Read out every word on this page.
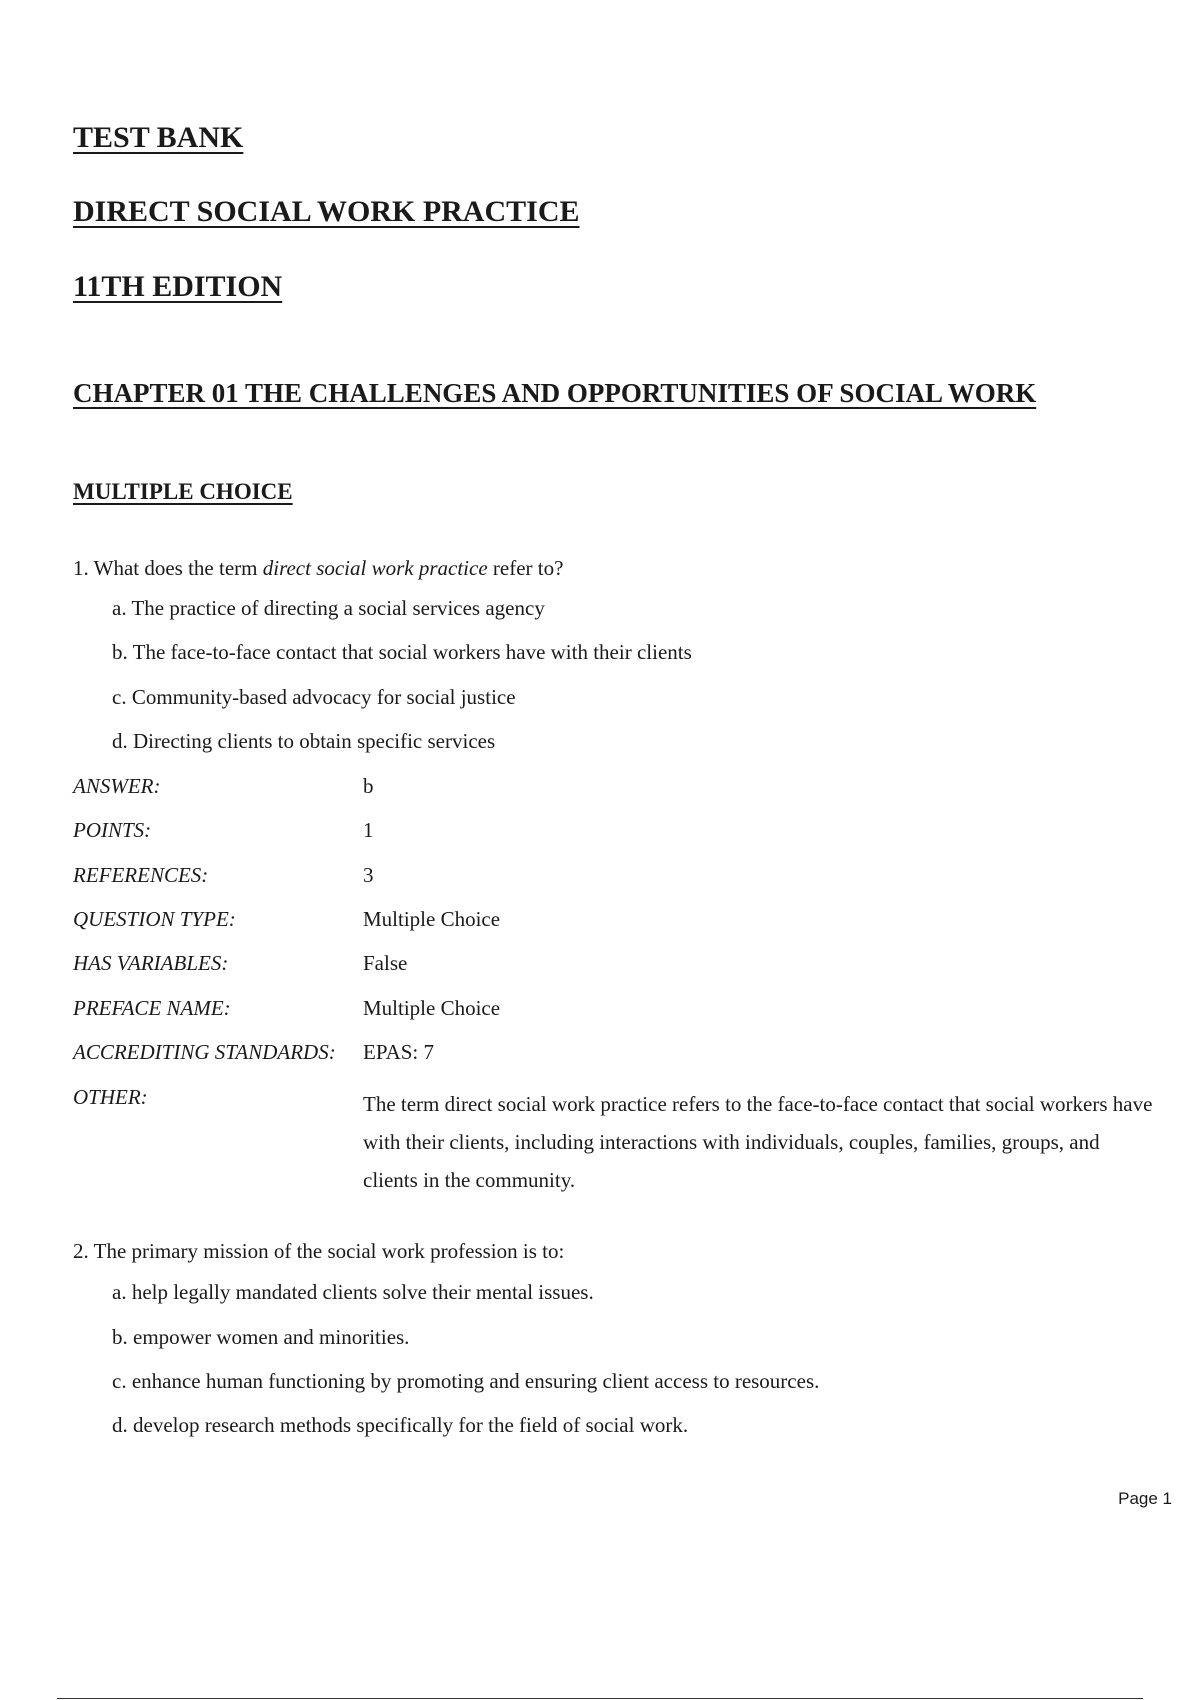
TEST BANK
DIRECT SOCIAL WORK PRACTICE
11TH EDITION
CHAPTER 01 THE CHALLENGES AND OPPORTUNITIES OF SOCIAL WORK
MULTIPLE CHOICE
1. What does the term direct social work practice refer to?
a. The practice of directing a social services agency
b. The face-to-face contact that social workers have with their clients
c. Community-based advocacy for social justice
d. Directing clients to obtain specific services
ANSWER:	b
POINTS:	1
REFERENCES:	3
QUESTION TYPE:	Multiple Choice
HAS VARIABLES:	False
PREFACE NAME:	Multiple Choice
ACCREDITING STANDARDS: EPAS: 7
OTHER:	The term direct social work practice refers to the face-to-face contact that social workers have with their clients, including interactions with individuals, couples, families, groups, and clients in the community.
2. The primary mission of the social work profession is to:
a. help legally mandated clients solve their mental issues.
b. empower women and minorities.
c. enhance human functioning by promoting and ensuring client access to resources.
d. develop research methods specifically for the field of social work.
Page 1
